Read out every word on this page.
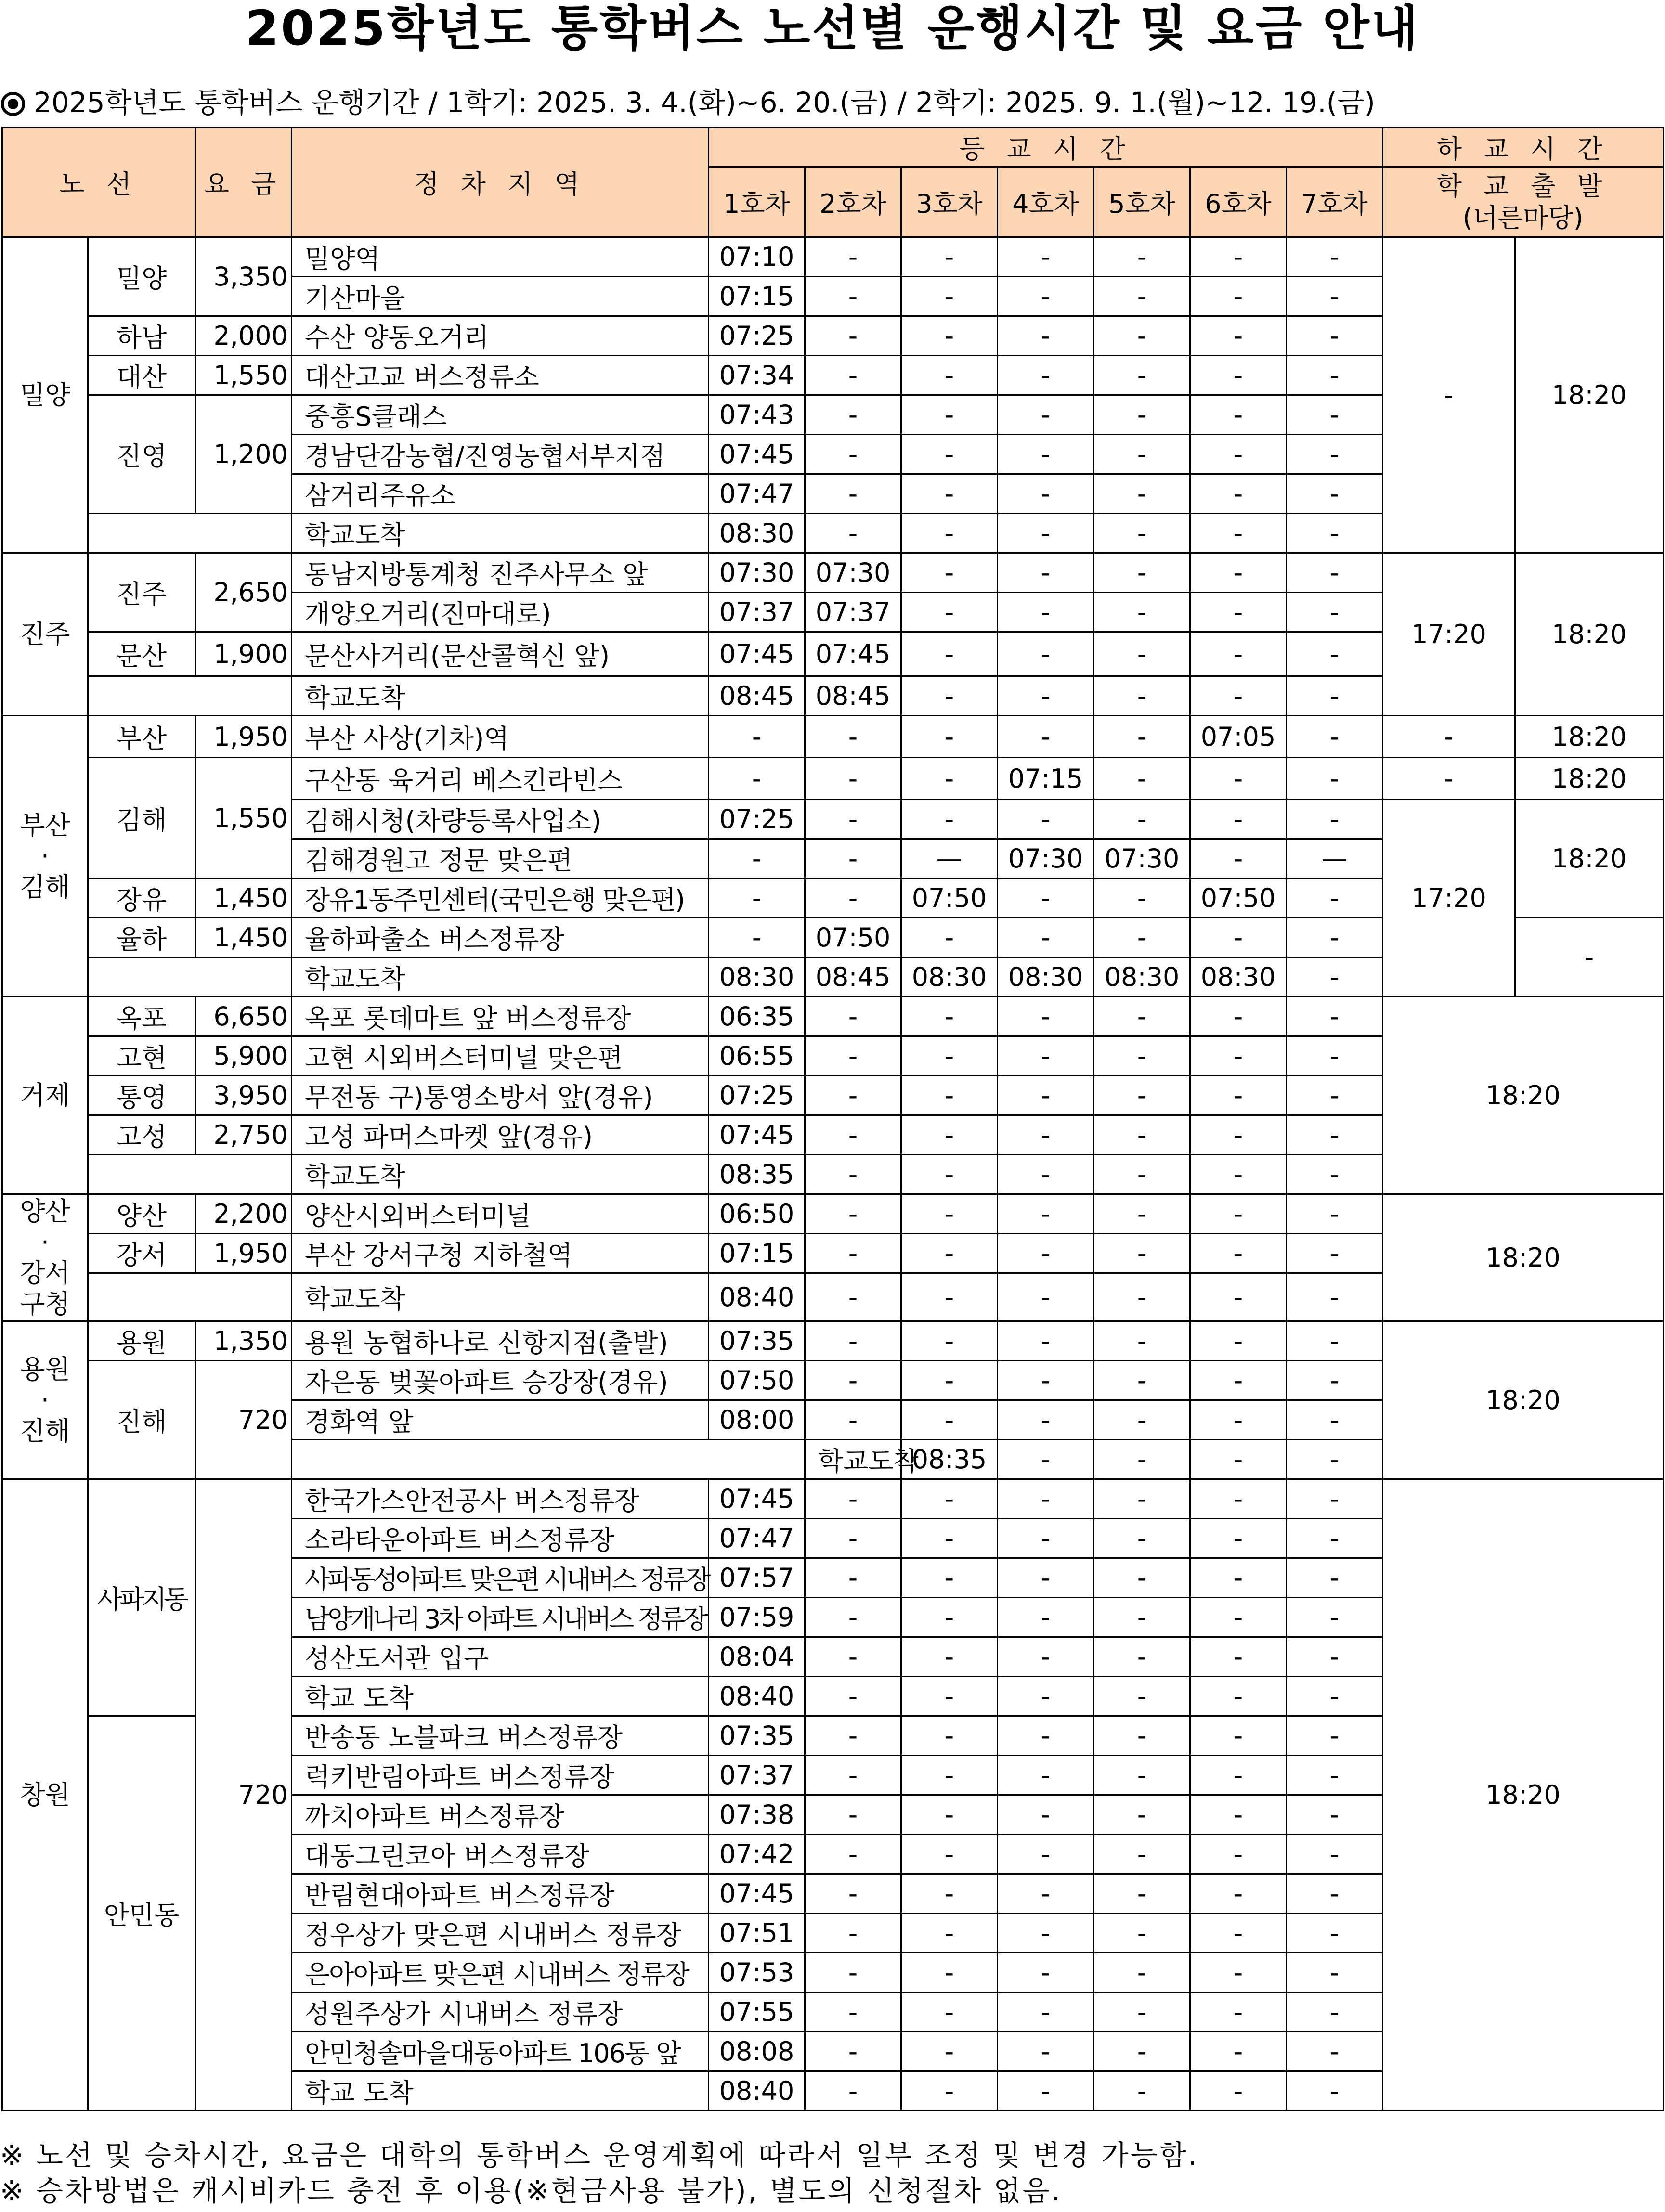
2025학년도 통학버스 노선별 운행시간 및 요금 안내
2025학년도 통학버스 운행기간 / 1학기: 2025. 3. 4.(화)~6. 20.(금) / 2학기: 2025. 9. 1.(월)~12. 19.(금)
노 선		요 금	정 차 지 역	등 교 시 간							하 교 시 간		
				1호차	2호차	3호차	4호차	5호차	6호차	7호차	학 교 출 발
(너른마당)		
밀양	밀양	3,350	밀양역	07:10	-	-	-	-	-	-	-	18:20	
			기산마을	07:15	-	-	-	-	-	-			
	하남	2,000	수산 양동오거리	07:25	-	-	-	-	-	-			
	대산	1,550	대산고교 버스정류소	07:34	-	-	-	-	-	-			
	진영	1,200	중흥S클래스	07:43	-	-	-	-	-	-			
			경남단감농협/진영농협서부지점	07:45	-	-	-	-	-	-			
			삼거리주유소	07:47	-	-	-	-	-	-			
			학교도착	08:30	-	-	-	-	-	-			
진주	진주	2,650	동남지방통계청 진주사무소 앞	07:30	07:30	-	-	-	-	-	17:20	18:20	
			개양오거리(진마대로)	07:37	07:37	-	-	-	-	-			
	문산	1,900	문산사거리(문산콜혁신 앞)	07:45	07:45	-	-	-	-	-			
			학교도착	08:45	08:45	-	-	-	-	-			
부산
·
김해	부산	1,950	부산 사상(기차)역	-	-	-	-	-	07:05	-	-	18:20	
	김해	1,550	구산동 육거리 베스킨라빈스	-	-	-	07:15	-	-	-	-	18:20	
			김해시청(차량등록사업소)	07:25	-	-	-	-	-	-	17:20	18:20	
			김해경원고 정문 맞은편	-	-	—	07:30	07:30	-	—			
	장유	1,450	장유1동주민센터(국민은행 맞은편)	-	-	07:50	-	-	07:50	-			
	율하	1,450	율하파출소 버스정류장	-	07:50	-	-	-	-	-		-	
			학교도착	08:30	08:45	08:30	08:30	08:30	08:30	-			
거제	옥포	6,650	옥포 롯데마트 앞 버스정류장	06:35	-	-	-	-	-	-	18:20		
	고현	5,900	고현 시외버스터미널 맞은편	06:55	-	-	-	-	-	-			
	통영	3,950	무전동 구)통영소방서 앞(경유)	07:25	-	-	-	-	-	-			
	고성	2,750	고성 파머스마켓 앞(경유)	07:45	-	-	-	-	-	-			
			학교도착	08:35	-	-	-	-	-	-			
양산
·
강서
구청	양산	2,200	양산시외버스터미널	06:50	-	-	-	-	-	-	18:20		
	강서	1,950	부산 강서구청 지하철역	07:15	-	-	-	-	-	-			
			학교도착	08:40	-	-	-	-	-	-			
용원
·
진해	용원	1,350	용원 농협하나로 신항지점(출발)	07:35	-	-	-	-	-	-	18:20		
	진해	720	자은동 벚꽃아파트 승강장(경유)	07:50	-	-	-	-	-	-			
			경화역 앞	08:00	-	-	-	-	-	-			
					학교도착	08:35	-	-	-	-		
창원	사파지동	720	한국가스안전공사 버스정류장	07:45	-	-	-	-	-	-	18:20		
			소라타운아파트 버스정류장	07:47	-	-	-	-	-	-			
			사파동성아파트 맞은편 시내버스 정류장	07:57	-	-	-	-	-	-			
			남양개나리 3차 아파트 시내버스 정류장	07:59	-	-	-	-	-	-			
			성산도서관 입구	08:04	-	-	-	-	-	-			
			학교 도착	08:40	-	-	-	-	-	-			
	안민동		반송동 노블파크 버스정류장	07:35	-	-	-	-	-	-			
			럭키반림아파트 버스정류장	07:37	-	-	-	-	-	-			
			까치아파트 버스정류장	07:38	-	-	-	-	-	-			
			대동그린코아 버스정류장	07:42	-	-	-	-	-	-			
			반림현대아파트 버스정류장	07:45	-	-	-	-	-	-			
			정우상가 맞은편 시내버스 정류장	07:51	-	-	-	-	-	-			
			은아아파트 맞은편 시내버스 정류장	07:53	-	-	-	-	-	-			
			성원주상가 시내버스 정류장	07:55	-	-	-	-	-	-			
			안민청솔마을대동아파트 106동 앞	08:08	-	-	-	-	-	-			
			학교 도착	08:40	-	-	-	-	-	-			
※ 노선 및 승차시간, 요금은 대학의 통학버스 운영계획에 따라서 일부 조정 및 변경 가능함.
※ 승차방법은 캐시비카드 충전 후 이용(※현금사용 불가), 별도의 신청절차 없음.
